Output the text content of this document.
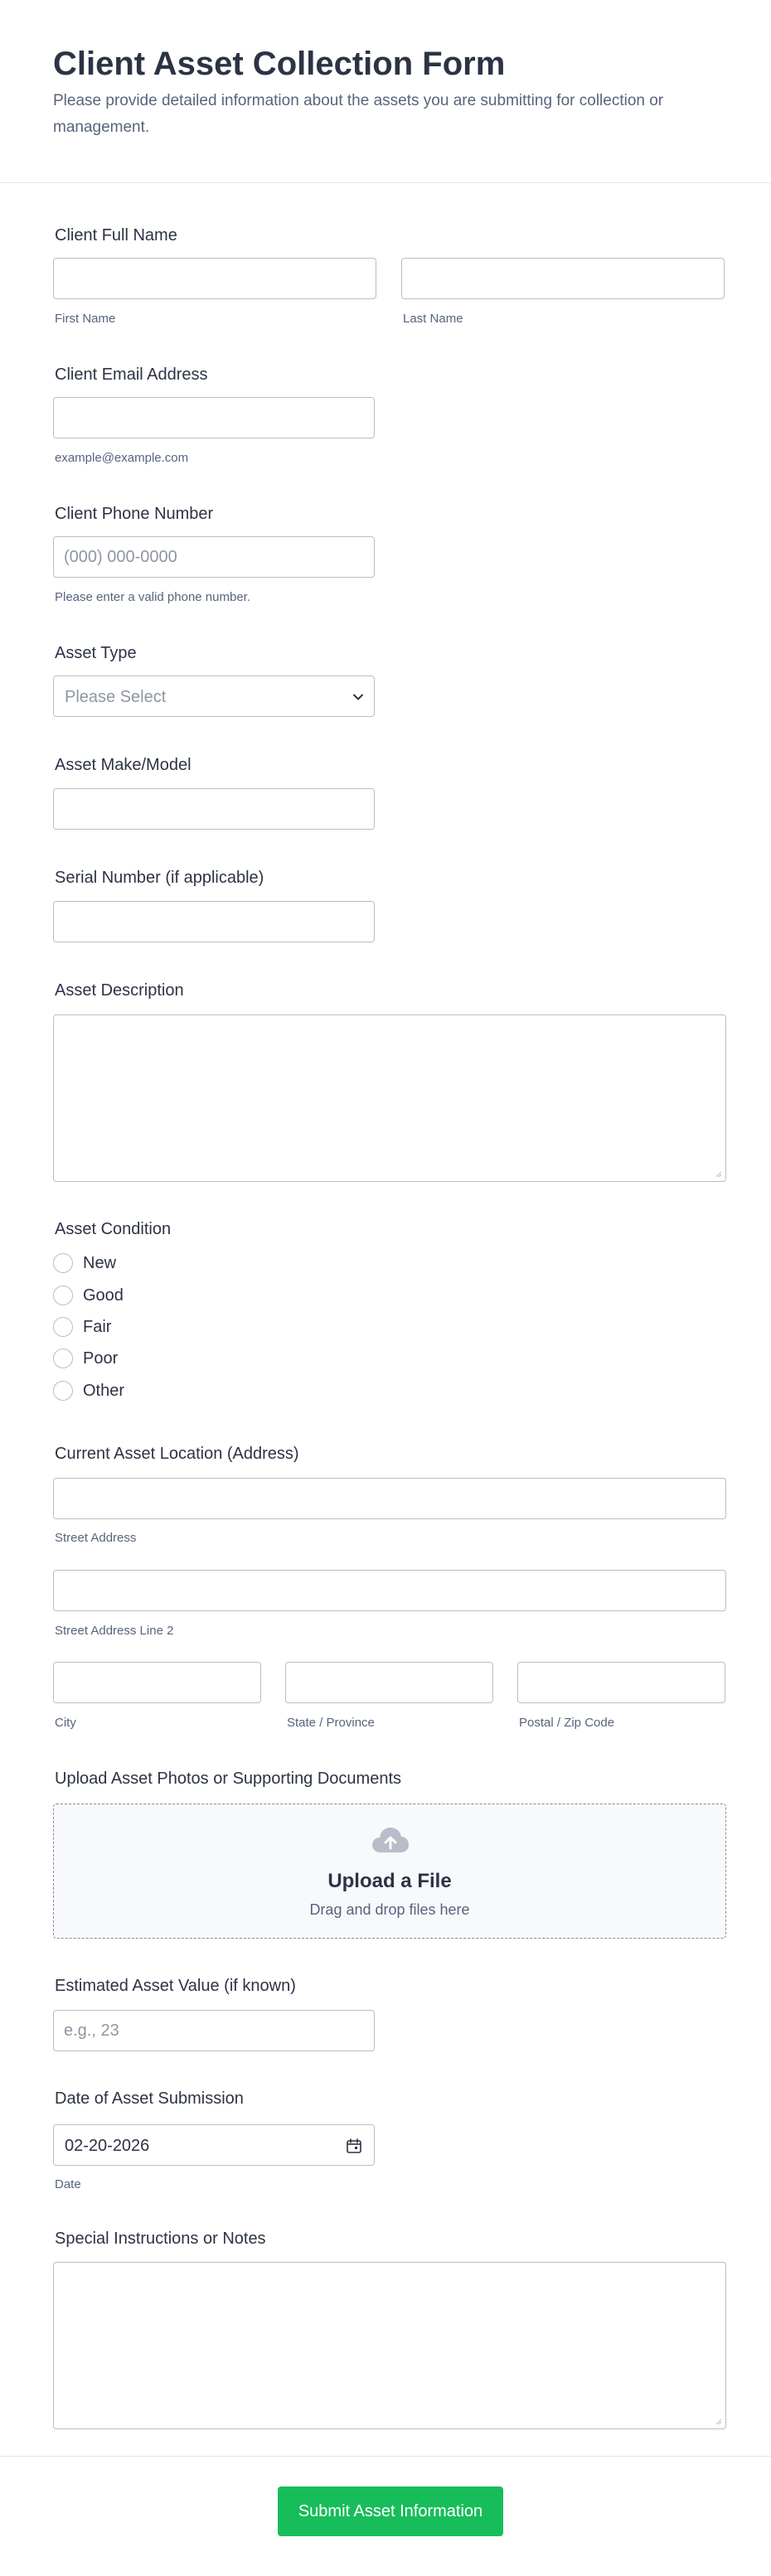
Client Asset Collection Form

Please provide detailed information about the assets you are submitting for collection or management.

Client Full Name
First Name	Last Name
Client Email Address
example@example.com
Client Phone Number
(000) 000-0000
Please enter a valid phone number.
Asset Type
Please Select
Asset Make/Model
Serial Number (if applicable)
Asset Description
Asset Condition
New
Good
Fair
Poor
Other
Current Asset Location (Address)
Street Address
Street Address Line 2
City	State / Province	Postal / Zip Code
Upload Asset Photos or Supporting Documents
Upload a File
Drag and drop files here
Estimated Asset Value (if known)
e.g., 23
Date of Asset Submission
02-20-2026
Date
Special Instructions or Notes
Submit Asset Information
